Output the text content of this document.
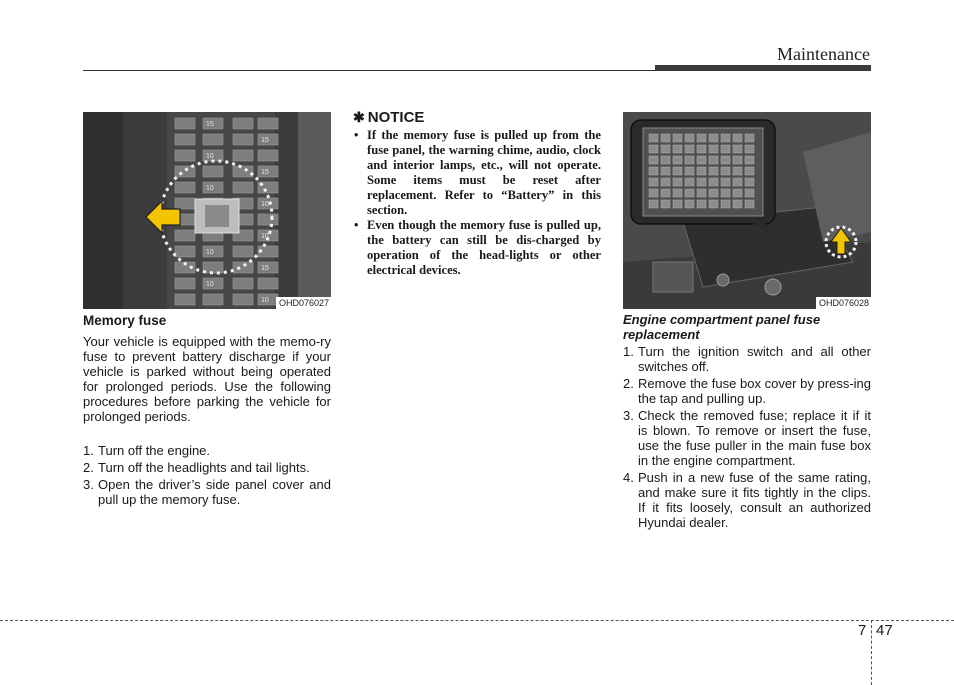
Maintenance
15
15
10
15
10
10
10
10
15
10
10	OHD076027
Memory fuse

Your vehicle is equipped with the memo-ry fuse to prevent battery discharge if your vehicle is parked without being operated for prolonged periods. Use the following procedures before parking the vehicle for prolonged periods.

1. Turn off the engine.
2. Turn off the headlights and tail lights.
3. Open the driver’s side panel cover and pull up the memory fuse.
✱ NOTICE
• If the memory fuse is pulled up from the fuse panel, the warning chime, audio, clock and interior lamps, etc., will not operate. Some items must be reset after replacement. Refer to “Battery” in this section.
• Even though the memory fuse is pulled up, the battery can still be dis-charged by operation of the head-lights or other electrical devices.
OHD076028
Engine compartment panel fuse replacement
1. Turn the ignition switch and all other switches off.
2. Remove the fuse box cover by press-ing the tap and pulling up.
3. Check the removed fuse; replace it if it is blown. To remove or insert the fuse, use the fuse puller in the main fuse box in the engine compartment.
4. Push in a new fuse of the same rating, and make sure it fits tightly in the clips. If it fits loosely, consult an authorized Hyundai dealer.
7 47
